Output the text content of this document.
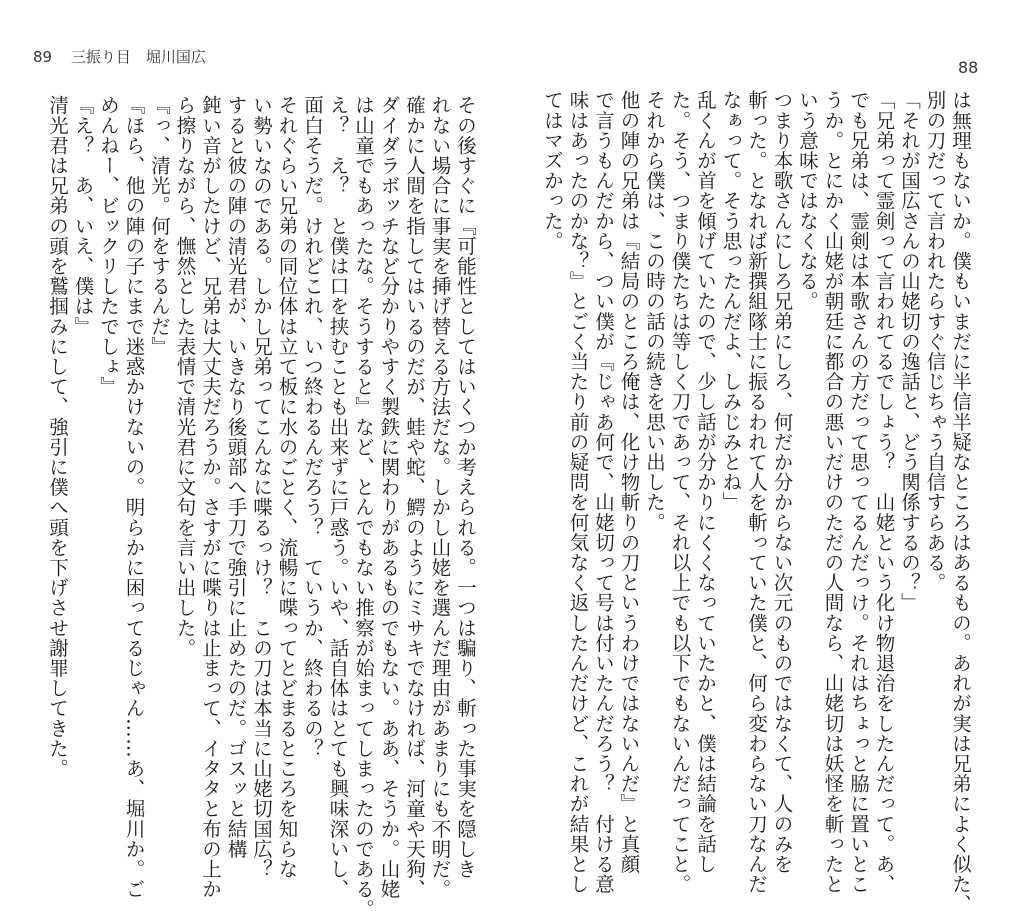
89 三振り目　堀川国広
88

その後すぐに『可能性としてはいくつか考えられる。一つは騙り、斬った事実を隠しき

れない場合に事実を挿げ替える方法だな。しかし山姥を選んだ理由があまりにも不明だ。

確かに人間を指してはいるのだが、蛙や蛇、鰐のようにミサキでなければ、河童や天狗、

ダイダラボッチなど分かりやすく製鉄に関わりがあるものでもない。ああ、そうか。山姥

は山童でもあったな。そうすると』など、とんでもない推察が始まってしまったのである。

え？　え？　と僕は口を挟むことも出来ずに戸惑う。いや、話自体はとても興味深いし、

面白そうだ。けれどこれ、いつ終わるんだろう？　ていうか、終わるの？

それぐらい兄弟の同位体は立て板に水のごとく、流暢に喋ってとどまるところを知らな

い勢いなのである。しかし兄弟ってこんなに喋るっけ？　この刀は本当に山姥切国広？

すると彼の陣の清光君が、いきなり後頭部へ手刀で強引に止めたのだ。ゴスッと結構

鈍い音がしたけど、兄弟は大丈夫だろうか。さすがに喋りは止まって、イタタと布の上か

ら擦りながら、憮然とした表情で清光君に文句を言い出した。

『っ、清光。何をするんだ』

『ほら、他の陣の子にまで迷惑かけないの。明らかに困ってるじゃん……あ、堀川か。ご

めんねー、ビックリしたでしょ』

『え？　あ、いえ、僕は』

清光君は兄弟の頭を鷲掴みにして、強引に僕へ頭を下げさせ謝罪してきた。	は無理もないか。僕もいまだに半信半疑なところはあるもの。あれが実は兄弟によく似た、

別の刀だって言われたらすぐ信じちゃう自信すらある。

「それが国広さんの山姥切の逸話と、どう関係するの？」

「兄弟って霊剣って言われてるでしょう？　山姥という化け物退治をしたんだって。あ、

でも兄弟は、霊剣は本歌さんの方だって思ってるんだっけ。それはちょっと脇に置いとこ

うか。とにかく山姥が朝廷に都合の悪いだけのただの人間なら、山姥切は妖怪を斬ったと

いう意味ではなくなる。

つまり本歌さんにしろ兄弟にしろ、何だか分からない次元のものではなくて、人のみを

斬った。となれば新撰組隊士に振るわれて人を斬っていた僕と、何ら変わらない刀なんだ

なぁって。そう思ったんだよ、しみじみとね」

乱くんが首を傾げていたので、少し話が分かりにくくなっていたかと、僕は結論を話し

た。そう、つまり僕たちは等しく刀であって、それ以上でも以下でもないんだってこと。

それから僕は、この時の話の続きを思い出した。

他の陣の兄弟は『結局のところ俺は、化け物斬りの刀というわけではないんだ』と真顔

で言うもんだから、つい僕が『じゃあ何で、山姥切って号は付いたんだろう？　付ける意

味はあったのかな？』とごく当たり前の疑問を何気なく返したんだけど、これが結果とし

てはマズかった。
